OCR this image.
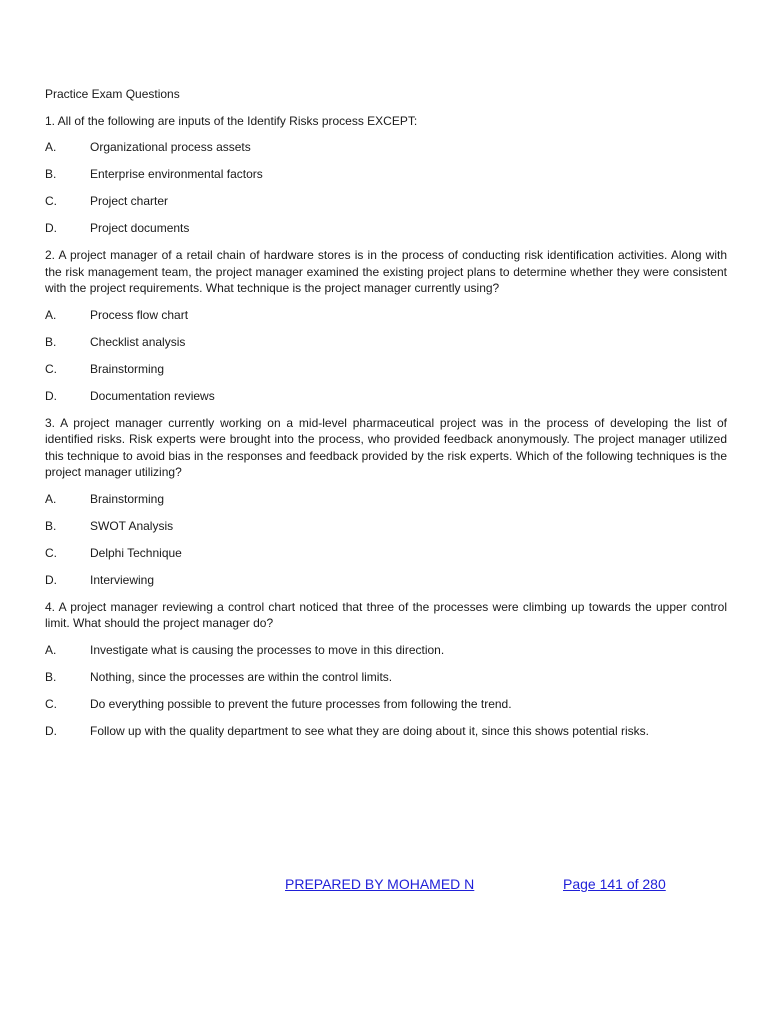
Practice Exam Questions
1. All of the following are inputs of the Identify Risks process EXCEPT:
A.	Organizational process assets
B.	Enterprise environmental factors
C.	Project charter
D.	Project documents
2. A project manager of a retail chain of hardware stores is in the process of conducting risk identification activities. Along with the risk management team, the project manager examined the existing project plans to determine whether they were consistent with the project requirements. What technique is the project manager currently using?
A.	Process flow chart
B.	Checklist analysis
C.	Brainstorming
D.	Documentation reviews
3. A project manager currently working on a mid-level pharmaceutical project was in the process of developing the list of identified risks. Risk experts were brought into the process, who provided feedback anonymously. The project manager utilized this technique to avoid bias in the responses and feedback provided by the risk experts. Which of the following techniques is the project manager utilizing?
A.	Brainstorming
B.	SWOT Analysis
C.	Delphi Technique
D.	Interviewing
4. A project manager reviewing a control chart noticed that three of the processes were climbing up towards the upper control limit. What should the project manager do?
A.	Investigate what is causing the processes to move in this direction.
B.	Nothing, since the processes are within the control limits.
C.	Do everything possible to prevent the future processes from following the trend.
D.	Follow up with the quality department to see what they are doing about it, since this shows potential risks.
PREPARED BY MOHAMED N	Page 141 of 280
